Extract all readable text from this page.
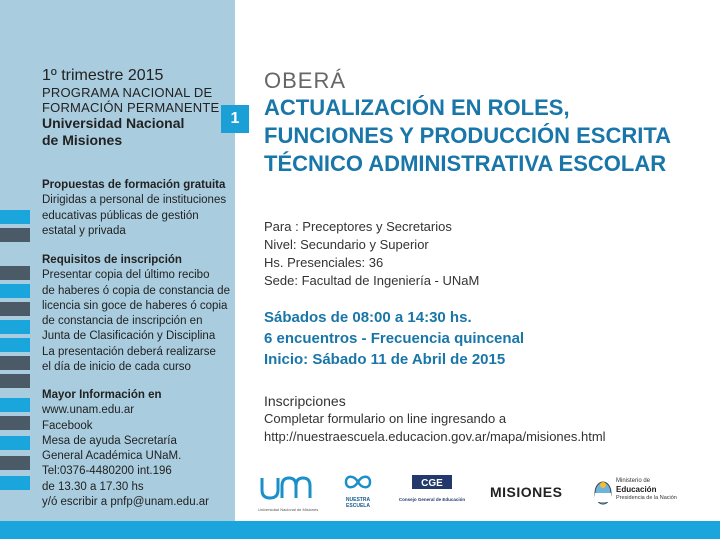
1º trimestre 2015
PROGRAMA NACIONAL DE
FORMACIÓN PERMANENTE
Universidad Nacional
de Misiones
Propuestas de formación gratuita
Dirigidas a personal de instituciones
educativas públicas de gestión
estatal y privada
Requisitos de inscripción
Presentar copia del último recibo
de haberes ó copia de constancia de
licencia sin goce de haberes ó copia
de constancia de inscripción en
Junta de Clasificación y Disciplina
La presentación deberá realizarse
el día de inicio de cada curso
Mayor Información en
www.unam.edu.ar
Facebook
Mesa de ayuda Secretaría
General Académica UNaM.
Tel:0376-4480200 int.196
de 13.30 a 17.30 hs
y/ó escribir a pnfp@unam.edu.ar
1
OBERÁ
ACTUALIZACIÓN EN ROLES,
FUNCIONES Y PRODUCCIÓN ESCRITA
TÉCNICO ADMINISTRATIVA ESCOLAR
Para : Preceptores y Secretarios
Nivel: Secundario y Superior
Hs. Presenciales: 36
Sede: Facultad de Ingeniería - UNaM
Sábados de 08:00 a 14:30 hs.
6 encuentros - Frecuencia quincenal
Inicio: Sábado 11 de Abril de 2015
Inscripciones
Completar formulario on line ingresando a
http://nuestraescuela.educacion.gov.ar/mapa/misiones.html
Universidad Nacional de Misiones
NUESTRA
ESCUELA
CGE
Consejo General de Educación MISIONES
Ministerio de
Educación
Presidencia de la Nación
